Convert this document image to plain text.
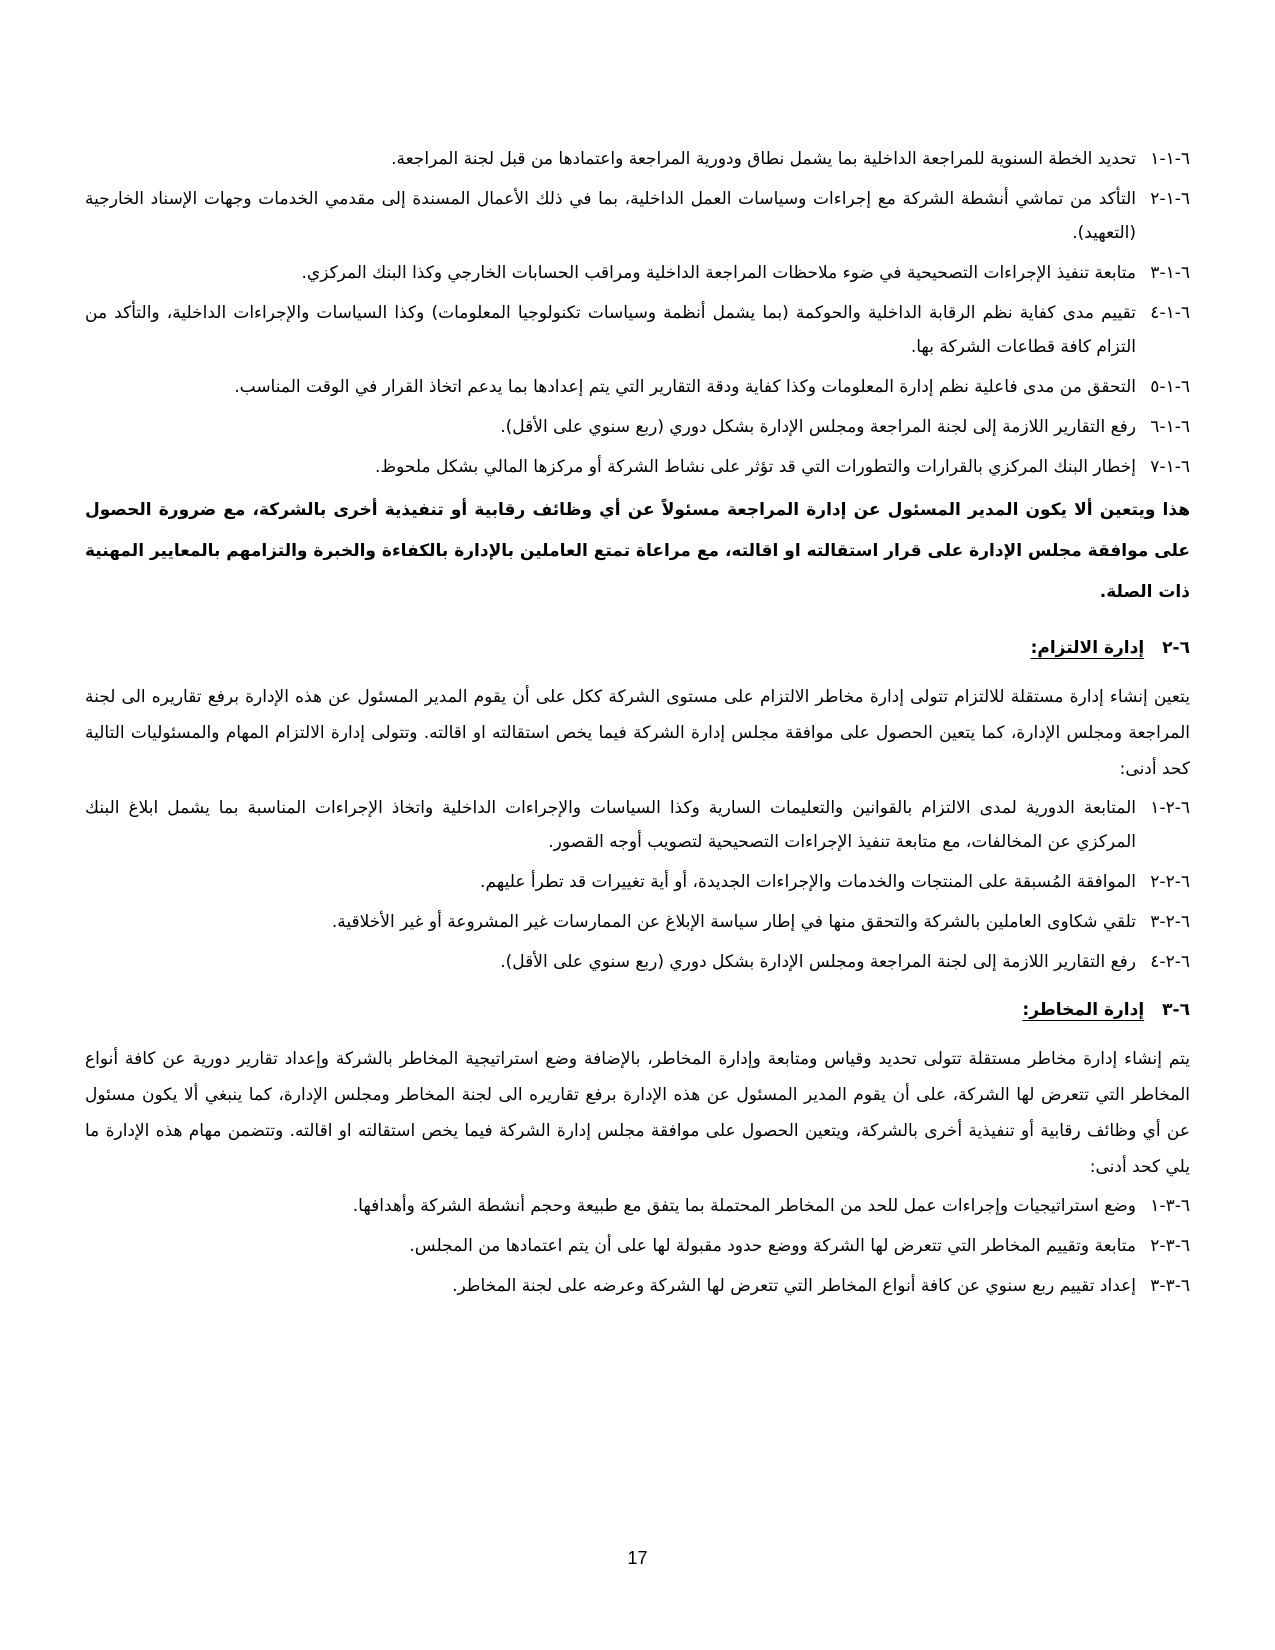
٦-١-١
تحديد الخطة السنوية للمراجعة الداخلية بما يشمل نطاق ودورية المراجعة واعتمادها من قبل لجنة المراجعة.
٦-١-٢
التأكد من تماشي أنشطة الشركة مع إجراءات وسياسات العمل الداخلية، بما في ذلك الأعمال المسندة إلى مقدمي الخدمات وجهات الإسناد الخارجية (التعهيد).
٦-١-٣
متابعة تنفيذ الإجراءات التصحيحية في ضوء ملاحظات المراجعة الداخلية ومراقب الحسابات الخارجي وكذا البنك المركزي.
٦-١-٤
تقييم مدى كفاية نظم الرقابة الداخلية والحوكمة (بما يشمل أنظمة وسياسات تكنولوجيا المعلومات) وكذا السياسات والإجراءات الداخلية، والتأكد من التزام كافة قطاعات الشركة بها.
٦-١-٥
التحقق من مدى فاعلية نظم إدارة المعلومات وكذا كفاية ودقة التقارير التي يتم إعدادها بما يدعم اتخاذ القرار في الوقت المناسب.
٦-١-٦
رفع التقارير اللازمة إلى لجنة المراجعة ومجلس الإدارة بشكل دوري (ربع سنوي على الأقل).
٦-١-٧
إخطار البنك المركزي بالقرارات والتطورات التي قد تؤثر على نشاط الشركة أو مركزها المالي بشكل ملحوظ.
هذا ويتعين ألا يكون المدير المسئول عن إدارة المراجعة مسئولاً عن أي وظائف رقابية أو تنفيذية أخرى بالشركة، مع ضرورة الحصول على موافقة مجلس الإدارة على قرار استقالته او اقالته، مع مراعاة تمتع العاملين بالإدارة بالكفاءة والخبرة والتزامهم بالمعايير المهنية ذات الصلة.
٦-٢
إدارة الالتزام:
يتعين إنشاء إدارة مستقلة للالتزام تتولى إدارة مخاطر الالتزام على مستوى الشركة ككل على أن يقوم المدير المسئول عن هذه الإدارة برفع تقاريره الى لجنة المراجعة ومجلس الإدارة، كما يتعين الحصول على موافقة مجلس إدارة الشركة فيما يخص استقالته او اقالته. وتتولى إدارة الالتزام المهام والمسئوليات التالية كحد أدنى:
٦-٢-١
المتابعة الدورية لمدى الالتزام بالقوانين والتعليمات السارية وكذا السياسات والإجراءات الداخلية واتخاذ الإجراءات المناسبة بما يشمل ابلاغ البنك المركزي عن المخالفات، مع متابعة تنفيذ الإجراءات التصحيحية لتصويب أوجه القصور.
٦-٢-٢
الموافقة المُسبقة على المنتجات والخدمات والإجراءات الجديدة، أو أية تغييرات قد تطرأ عليهم.
٦-٢-٣
تلقي شكاوى العاملين بالشركة والتحقق منها في إطار سياسة الإبلاغ عن الممارسات غير المشروعة أو غير الأخلاقية.
٦-٢-٤
رفع التقارير اللازمة إلى لجنة المراجعة ومجلس الإدارة بشكل دوري (ربع سنوي على الأقل).
٦-٣
إدارة المخاطر:
يتم إنشاء إدارة مخاطر مستقلة تتولى تحديد وقياس ومتابعة وإدارة المخاطر، بالإضافة وضع استراتيجية المخاطر بالشركة وإعداد تقارير دورية عن كافة أنواع المخاطر التي تتعرض لها الشركة، على أن يقوم المدير المسئول عن هذه الإدارة برفع تقاريره الى لجنة المخاطر ومجلس الإدارة، كما ينبغي ألا يكون مسئول عن أي وظائف رقابية أو تنفيذية أخرى بالشركة، ويتعين الحصول على موافقة مجلس إدارة الشركة فيما يخص استقالته او اقالته. وتتضمن مهام هذه الإدارة ما يلي كحد أدنى:
٦-٣-١
وضع استراتيجيات وإجراءات عمل للحد من المخاطر المحتملة بما يتفق مع طبيعة وحجم أنشطة الشركة وأهدافها.
٦-٣-٢
متابعة وتقييم المخاطر التي تتعرض لها الشركة ووضع حدود مقبولة لها على أن يتم اعتمادها من المجلس.
٦-٣-٣
إعداد تقييم ربع سنوي عن كافة أنواع المخاطر التي تتعرض لها الشركة وعرضه على لجنة المخاطر.
17
